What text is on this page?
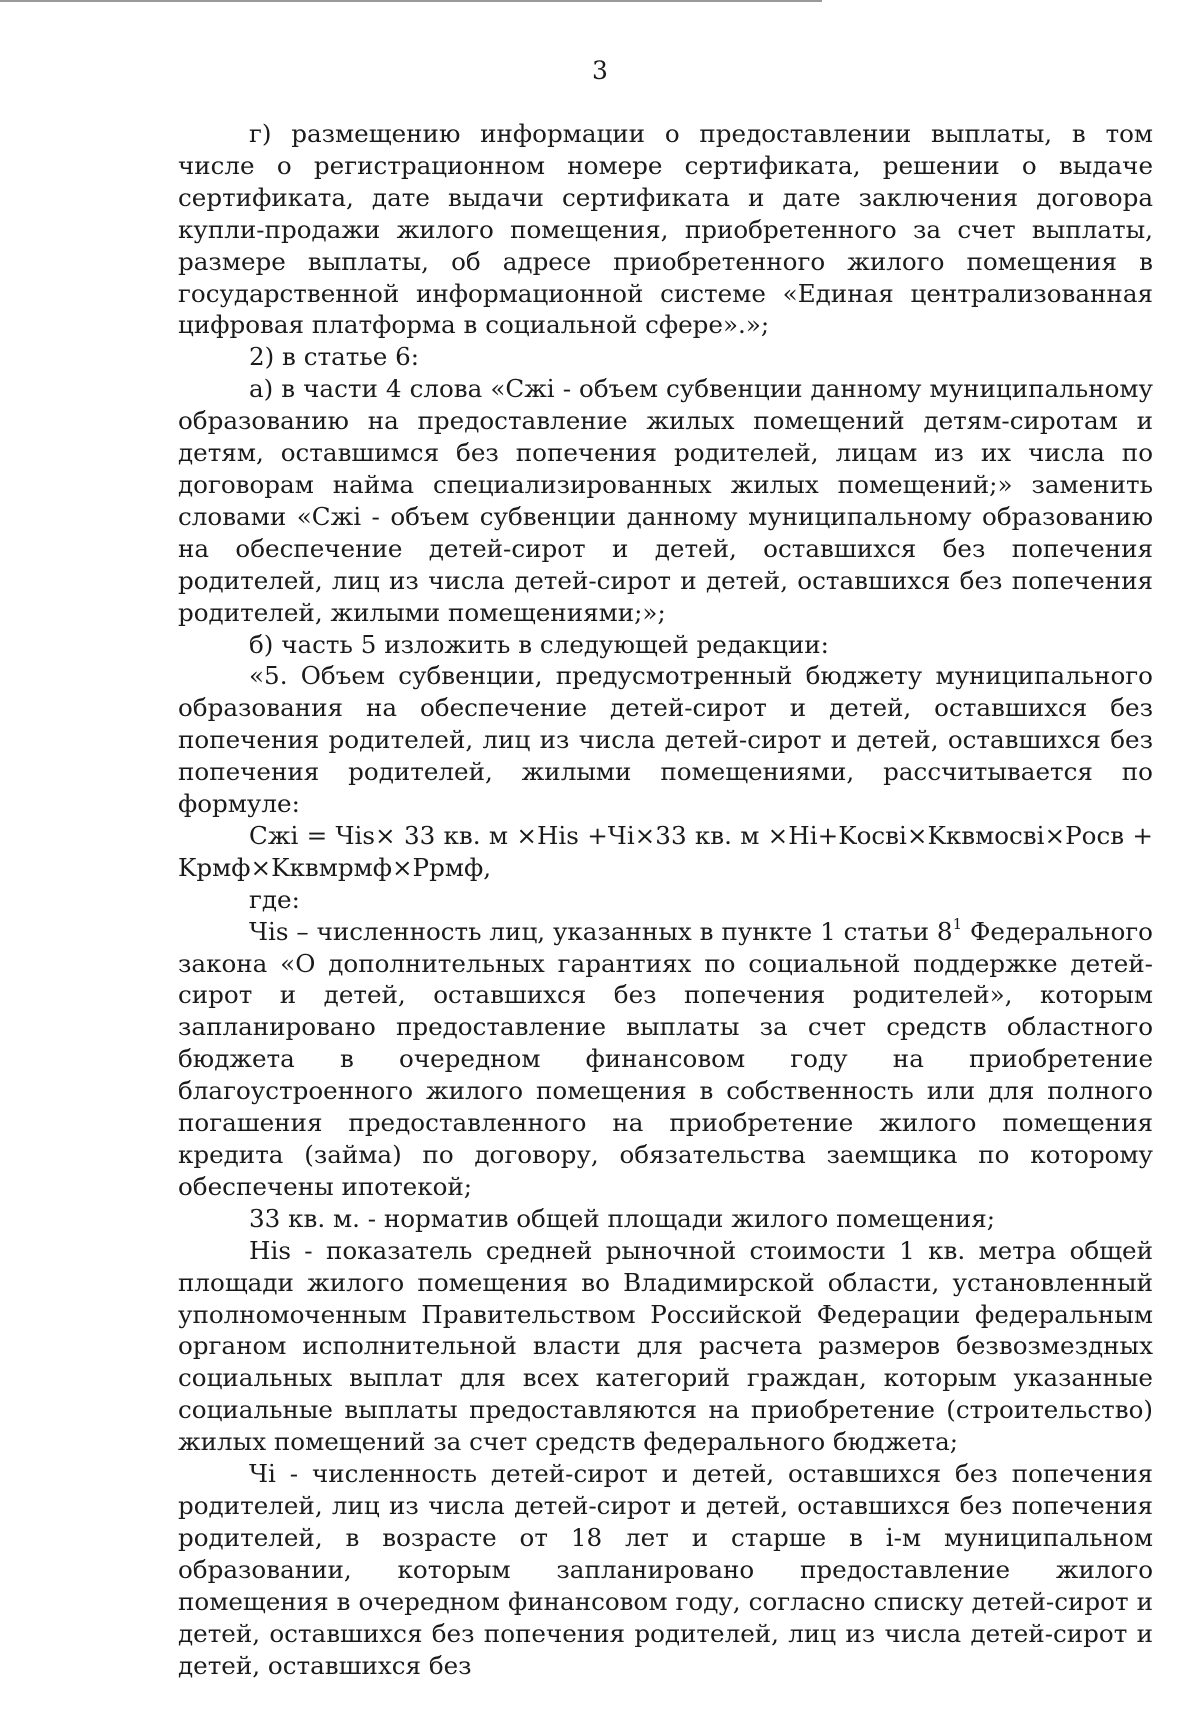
3

г) размещению информации о предоставлении выплаты, в том числе о регистрационном номере сертификата, решении о выдаче сертификата, дате выдачи сертификата и дате заключения договора купли-продажи жилого помещения, приобретенного за счет выплаты, размере выплаты, об адресе приобретенного жилого помещения в государственной информационной системе «Единая централизованная цифровая платформа в социальной сфере».»;

2) в статье 6:

а) в части 4 слова «Сжi - объем субвенции данному муниципальному образованию на предоставление жилых помещений детям-сиротам и детям, оставшимся без попечения родителей, лицам из их числа по договорам найма специализированных жилых помещений;» заменить словами «Сжi - объем субвенции данному муниципальному образованию на обеспечение детей-сирот и детей, оставшихся без попечения родителей, лиц из числа детей-сирот и детей, оставшихся без попечения родителей, жилыми помещениями;»;

б) часть 5 изложить в следующей редакции:

«5. Объем субвенции, предусмотренный бюджету муниципального образования на обеспечение детей-сирот и детей, оставшихся без попечения родителей, лиц из числа детей-сирот и детей, оставшихся без попечения родителей, жилыми помещениями, рассчитывается по формуле:

Сжi = Чis× 33 кв. м ×His +Чi×33 кв. м ×Hi+Kосвi×Kквмосвi×Pосв + Kрмф×Kквмрмф×Pрмф,

где:

Чis – численность лиц, указанных в пункте 1 статьи $8^1$ Федерального закона «О дополнительных гарантиях по социальной поддержке детей-сирот и детей, оставшихся без попечения родителей», которым запланировано предоставление выплаты за счет средств областного бюджета в очередном финансовом году на приобретение благоустроенного жилого помещения в собственность или для полного погашения предоставленного на приобретение жилого помещения кредита (займа) по договору, обязательства заемщика по которому обеспечены ипотекой;

33 кв. м. - норматив общей площади жилого помещения;

His - показатель средней рыночной стоимости 1 кв. метра общей площади жилого помещения во Владимирской области, установленный уполномоченным Правительством Российской Федерации федеральным органом исполнительной власти для расчета размеров безвозмездных социальных выплат для всех категорий граждан, которым указанные социальные выплаты предоставляются на приобретение (строительство) жилых помещений за счет средств федерального бюджета;

Чi - численность детей-сирот и детей, оставшихся без попечения родителей, лиц из числа детей-сирот и детей, оставшихся без попечения родителей, в возрасте от 18 лет и старше в i-м муниципальном образовании, которым запланировано предоставление жилого помещения в очередном финансовом году, согласно списку детей-сирот и детей, оставшихся без попечения родителей, лиц из числа детей-сирот и детей, оставшихся без
